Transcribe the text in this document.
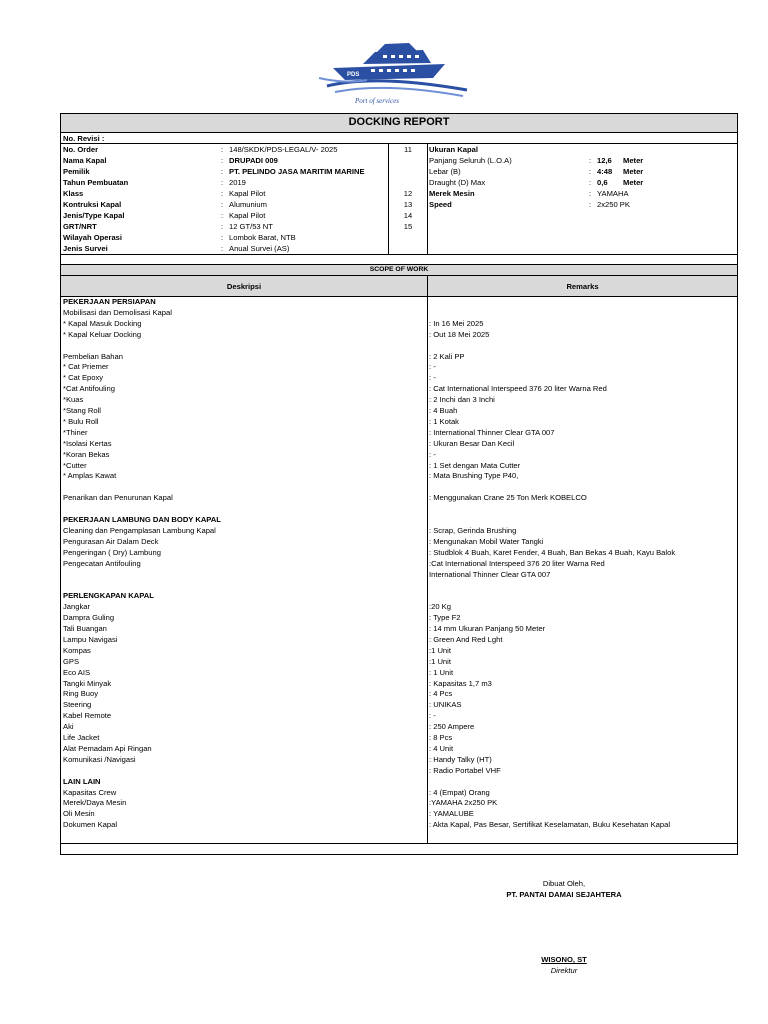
PDS
Port of services
DOCKING REPORT
No. Revisi :
No. Order	: 148/SKDK/PDS-LEGAL/V- 2025
Nama Kapal	: DRUPADI 009
Pemilik	: PT. PELINDO JASA MARITIM MARINE
Tahun Pembuatan	: 2019
Klass	: Kapal Pilot
Kontruksi Kapal	: Alumunium
Jenis/Type Kapal	: Kapal Pilot
GRT/NRT	: 12 GT/53 NT
Wilayah Operasi	: Lombok Barat, NTB
Jenis Survei	: Anual Survei (AS)
11
12
13
14
15
Ukuran Kapal
Panjang Seluruh (L.O.A)	: 12,6 Meter
Lebar (B)	: 4:48 Meter
Draught (D) Max	: 0,6 Meter
Merek Mesin	: YAMAHA
Speed	: 2x250 PK
SCOPE OF WORK
Deskripsi	Remarks
PEKERJAAN PERSIAPAN
Mobilisasi dan Demolisasi Kapal
* Kapal Masuk Docking	: In 16 Mei 2025
* Kapal Keluar Docking	: Out 18 Mei 2025
Pembelian Bahan	: 2 Kali PP
* Cat Priemer	: -
* Cat Epoxy	: -
*Cat Antifouling	: Cat International Interspeed 376 20 liter Warna Red
*Kuas	: 2 Inchi dan 3 Inchi
*Stang Roll	: 4 Buah
* Bulu Roll	: 1 Kotak
*Thiner	: International Thinner Clear GTA 007
*Isolasi Kertas	: Ukuran Besar Dan Kecil
*Koran Bekas	: -
*Cutter	: 1 Set dengan Mata Cutter
* Amplas Kawat	: Mata Brushing Type P40,
Penarikan dan Penurunan Kapal	: Menggunakan Crane 25 Ton Merk KOBELCO
PEKERJAAN LAMBUNG DAN BODY KAPAL
Cleaning dan Pengamplasan Lambung Kapal	: Scrap, Gerinda Brushing
Pengurasan Air Dalam Deck	: Mengunakan Mobil Water Tangki
Pengeringan ( Dry) Lambung	: Studblok 4 Buah, Karet Fender, 4 Buah, Ban Bekas 4 Buah, Kayu Balok
Pengecatan Antifouling	:Cat International Interspeed 376 20 liter Warna Red
International Thinner Clear GTA 007
PERLENGKAPAN KAPAL
Jangkar	:20 Kg
Dampra Guling	: Type F2
Tali Buangan	: 14 mm Ukuran Panjang 50 Meter
Lampu Navigasi	: Green And Red Lght
Kompas	:1 Unit
GPS	:1 Unit
Eco AIS	: 1 Unit
Tangki Minyak	: Kapasitas 1,7 m3
Ring Buoy	: 4 Pcs
Steering	: UNIKAS
Kabel Remote	: -
Aki	: 250 Ampere
Life Jacket	: 8 Pcs
Alat Pemadam Api Ringan	: 4 Unit
Komunikasi /Navigasi	: Handy Talky (HT)
: Radio Portabel VHF
LAIN LAIN
Kapasitas Crew	: 4 (Empat) Orang
Merek/Daya Mesin	:YAMAHA 2x250 PK
Oli Mesin	: YAMALUBE
Dokumen Kapal	: Akta Kapal, Pas Besar, Sertifikat Keselamatan, Buku Kesehatan Kapal
Dibuat Oleh,
PT. PANTAI DAMAI SEJAHTERA
WISONO, ST
Direktur
